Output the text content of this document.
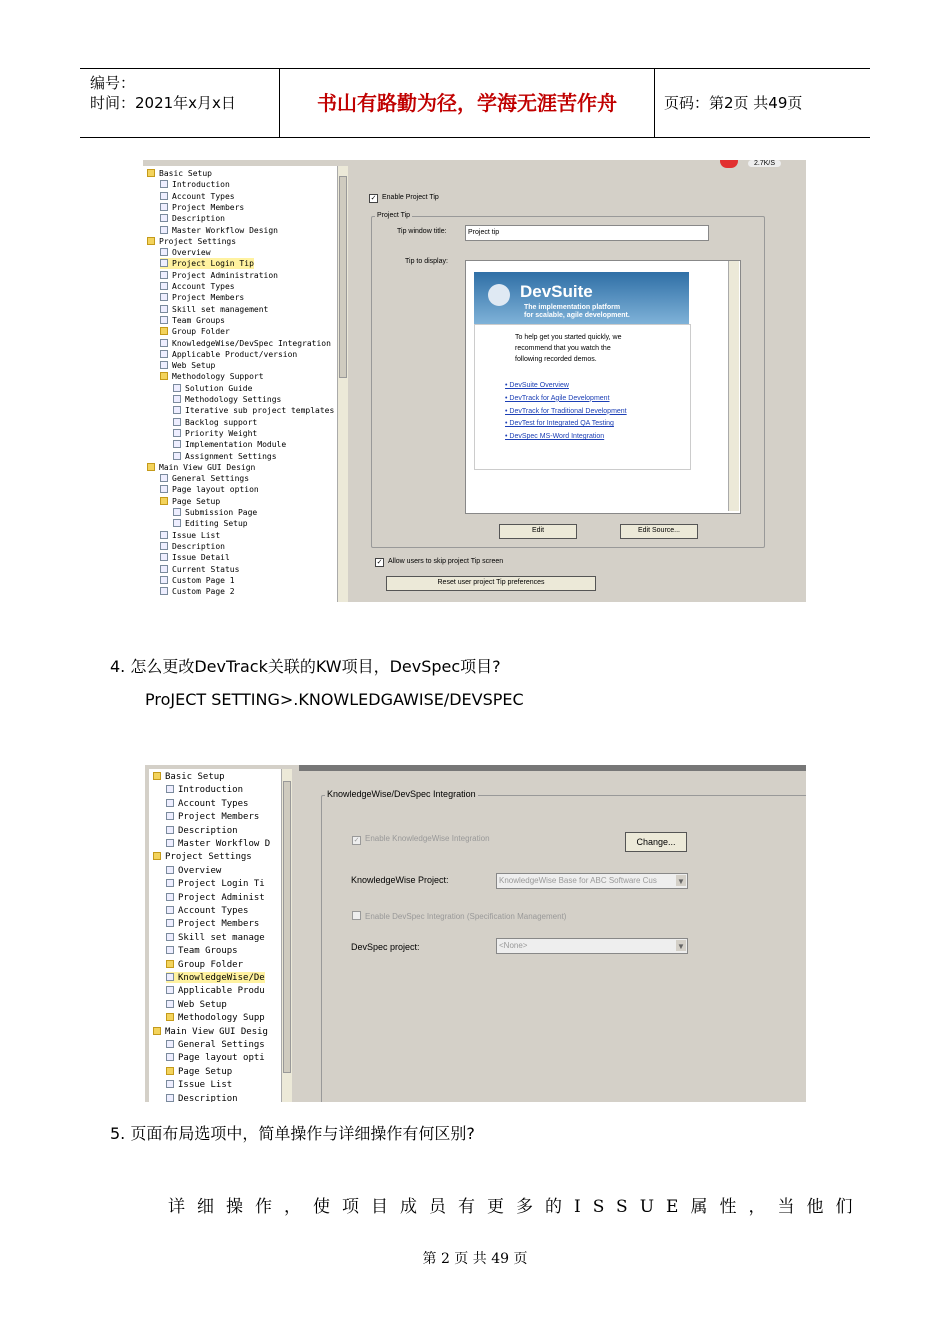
编号：
时间：2021年x月x日	书山有路勤为径，学海无涯苦作舟	页码：第2页 共49页
Basic Setup
Introduction
Account Types
Project Members
Description
Master Workflow Design
Project Settings
Overview
Project Login Tip
Project Administration
Account Types
Project Members
Skill set management
Team Groups
Group Folder
KnowledgeWise/DevSpec Integration
Applicable Product/version
Web Setup
Methodology Support
Solution Guide
Methodology Settings
Iterative sub project templates
Backlog support
Priority Weight
Implementation Module
Assignment Settings
Main View GUI Design
General Settings
Page layout option
Page Setup
Submission Page
Editing Setup
Issue List
Description
Issue Detail
Current Status
Custom Page 1
Custom Page 2
2.7K/S
✓ Enable Project Tip
Project Tip
Tip window title:	Project tip
Tip to display:
DevSuite
The implementation platform
for scalable, agile development.
To help get you started quickly, we
recommend that you watch the
following recorded demos.
• DevSuite Overview
• DevTrack for Agile Development
• DevTrack for Traditional Development
• DevTest for Integrated QA Testing
• DevSpec MS-Word Integration
Edit	Edit Source...
✓ Allow users to skip project Tip screen
Reset user project Tip preferences
4. 怎么更改DevTrack关联的KW项目，DevSpec项目?
ProJECT SETTING>.KNOWLEDGAWISE/DEVSPEC
Basic Setup
Introduction
Account Types
Project Members
Description
Master Workflow D
Project Settings
Overview
Project Login Ti
Project Administ
Account Types
Project Members
Skill set manage
Team Groups
Group Folder
KnowledgeWise/De
Applicable Produ
Web Setup
Methodology Supp
Main View GUI Desig
General Settings
Page layout opti
Page Setup
Issue List
Description
KnowledgeWise/DevSpec Integration
✓ Enable KnowledgeWise Integration	Change...
KnowledgeWise Project:	KnowledgeWise Base for ABC Software Cus	▼
Enable DevSpec Integration (Specification Management)
DevSpec project:	<None>	▼
5. 页面布局选项中，简单操作与详细操作有何区别?
详细操作，使项目成员有更多的ISSUE属性，当他们
第 2 页 共 49 页
